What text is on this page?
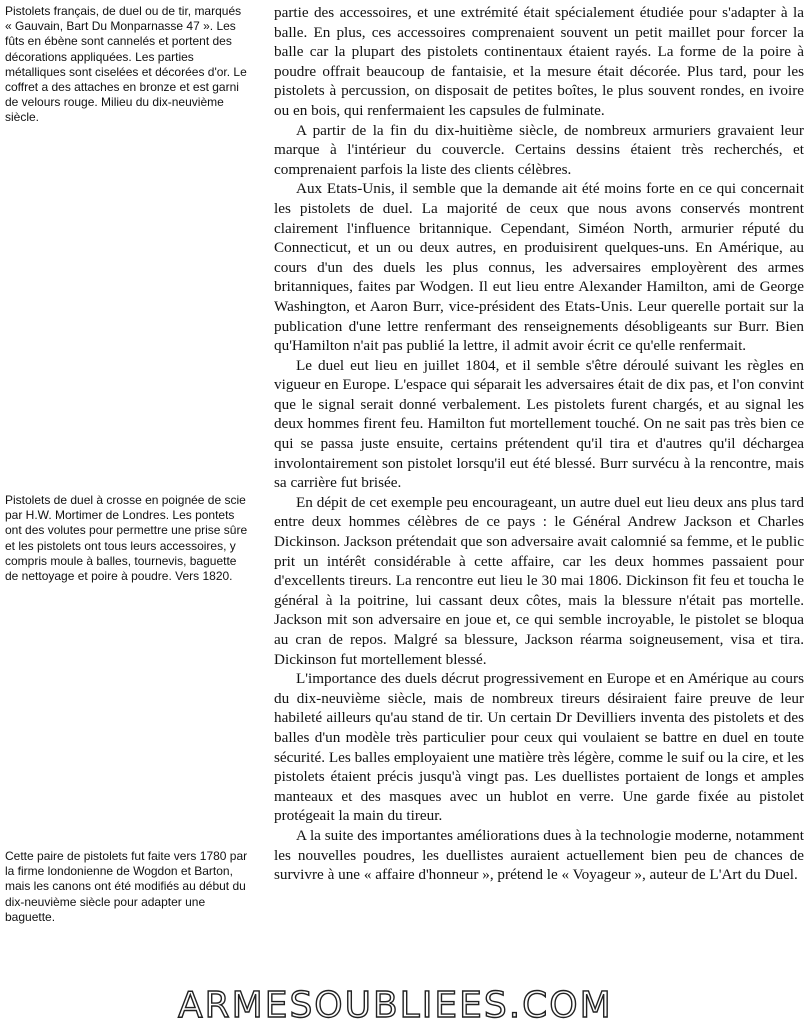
Pistolets français, de duel ou de tir, marqués « Gauvain, Bart Du Monparnasse 47 ». Les fûts en ébène sont cannelés et portent des décorations appliquées. Les parties métalliques sont ciselées et décorées d'or. Le coffret a des attaches en bronze et est garni de velours rouge. Milieu du dix-neuvième siècle.

Pistolets de duel à crosse en poignée de scie par H.W. Mortimer de Londres. Les pontets ont des volutes pour permettre une prise sûre et les pistolets ont tous leurs accessoires, y compris moule à balles, tournevis, baguette de nettoyage et poire à poudre. Vers 1820.

Cette paire de pistolets fut faite vers 1780 par la firme londonienne de Wogdon et Barton, mais les canons ont été modifiés au début du dix-neuvième siècle pour adapter une baguette.

partie des accessoires, et une extrémité était spécialement étudiée pour s'adapter à la balle. En plus, ces accessoires comprenaient souvent un petit maillet pour forcer la balle car la plupart des pistolets continentaux étaient rayés. La forme de la poire à poudre offrait beaucoup de fantaisie, et la mesure était décorée. Plus tard, pour les pistolets à percussion, on disposait de petites boîtes, le plus souvent rondes, en ivoire ou en bois, qui renfermaient les capsules de fulminate.

A partir de la fin du dix-huitième siècle, de nombreux armuriers gravaient leur marque à l'intérieur du couvercle. Certains dessins étaient très recherchés, et comprenaient parfois la liste des clients célèbres.

Aux Etats-Unis, il semble que la demande ait été moins forte en ce qui concernait les pistolets de duel. La majorité de ceux que nous avons conservés montrent clairement l'influence britannique. Cependant, Siméon North, armurier réputé du Connecticut, et un ou deux autres, en produisirent quelques-uns. En Amérique, au cours d'un des duels les plus connus, les adversaires employèrent des armes britanniques, faites par Wodgen. Il eut lieu entre Alexander Hamilton, ami de George Washington, et Aaron Burr, vice-président des Etats-Unis. Leur querelle portait sur la publication d'une lettre renfermant des renseignements désobligeants sur Burr. Bien qu'Hamilton n'ait pas publié la lettre, il admit avoir écrit ce qu'elle renfermait.

Le duel eut lieu en juillet 1804, et il semble s'être déroulé suivant les règles en vigueur en Europe. L'espace qui séparait les adversaires était de dix pas, et l'on convint que le signal serait donné verbalement. Les pistolets furent chargés, et au signal les deux hommes firent feu. Hamilton fut mortellement touché. On ne sait pas très bien ce qui se passa juste ensuite, certains prétendent qu'il tira et d'autres qu'il déchargea involontairement son pistolet lorsqu'il eut été blessé. Burr survécu à la rencontre, mais sa carrière fut brisée.

En dépit de cet exemple peu encourageant, un autre duel eut lieu deux ans plus tard entre deux hommes célèbres de ce pays : le Général Andrew Jackson et Charles Dickinson. Jackson prétendait que son adversaire avait calomnié sa femme, et le public prit un intérêt considérable à cette affaire, car les deux hommes passaient pour d'excellents tireurs. La rencontre eut lieu le 30 mai 1806. Dickinson fit feu et toucha le général à la poitrine, lui cassant deux côtes, mais la blessure n'était pas mortelle. Jackson mit son adversaire en joue et, ce qui semble incroyable, le pistolet se bloqua au cran de repos. Malgré sa blessure, Jackson réarma soigneusement, visa et tira. Dickinson fut mortellement blessé.

L'importance des duels décrut progressivement en Europe et en Amérique au cours du dix-neuvième siècle, mais de nombreux tireurs désiraient faire preuve de leur habileté ailleurs qu'au stand de tir. Un certain Dr Devilliers inventa des pistolets et des balles d'un modèle très particulier pour ceux qui voulaient se battre en duel en toute sécurité. Les balles employaient une matière très légère, comme le suif ou la cire, et les pistolets étaient précis jusqu'à vingt pas. Les duellistes portaient de longs et amples manteaux et des masques avec un hublot en verre. Une garde fixée au pistolet protégeait la main du tireur.

A la suite des importantes améliorations dues à la technologie moderne, notamment les nouvelles poudres, les duellistes auraient actuellement bien peu de chances de survivre à une « affaire d'honneur », prétend le « Voyageur », auteur de L'Art du Duel.

ARMESOUBLIEES.COM
